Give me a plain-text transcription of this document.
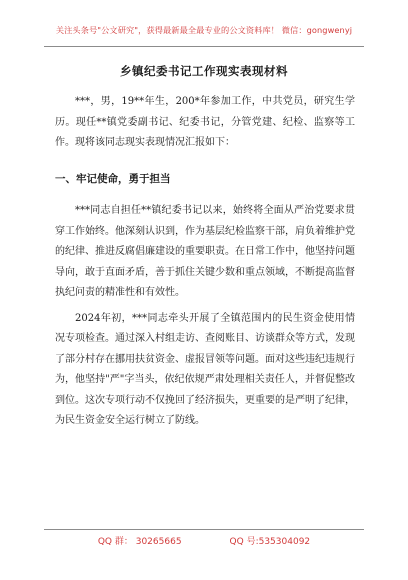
关注头条号"公文研究"，获得最新最全最专业的公文资料库！ 微信：gongwenyj
乡镇纪委书记工作现实表现材料

***，男，19**年生，200*年参加工作，中共党员，研究生学历。现任**镇党委副书记、纪委书记，分管党建、纪检、监察等工作。现将该同志现实表现情况汇报如下：

一、牢记使命，勇于担当

***同志自担任**镇纪委书记以来，始终将全面从严治党要求贯穿工作始终。他深刻认识到，作为基层纪检监察干部，肩负着维护党的纪律、推进反腐倡廉建设的重要职责。在日常工作中，他坚持问题导向，敢于直面矛盾，善于抓住关键少数和重点领域，不断提高监督执纪问责的精准性和有效性。

2024年初，***同志牵头开展了全镇范围内的民生资金使用情况专项检查。通过深入村组走访、查阅账目、访谈群众等方式，发现了部分村存在挪用扶贫资金、虚报冒领等问题。面对这些违纪违规行为，他坚持"严"字当头，依纪依规严肃处理相关责任人，并督促整改到位。这次专项行动不仅挽回了经济损失，更重要的是严明了纪律，为民生资金安全运行树立了防线。

QQ 群： 30265665	QQ 号:535304092
